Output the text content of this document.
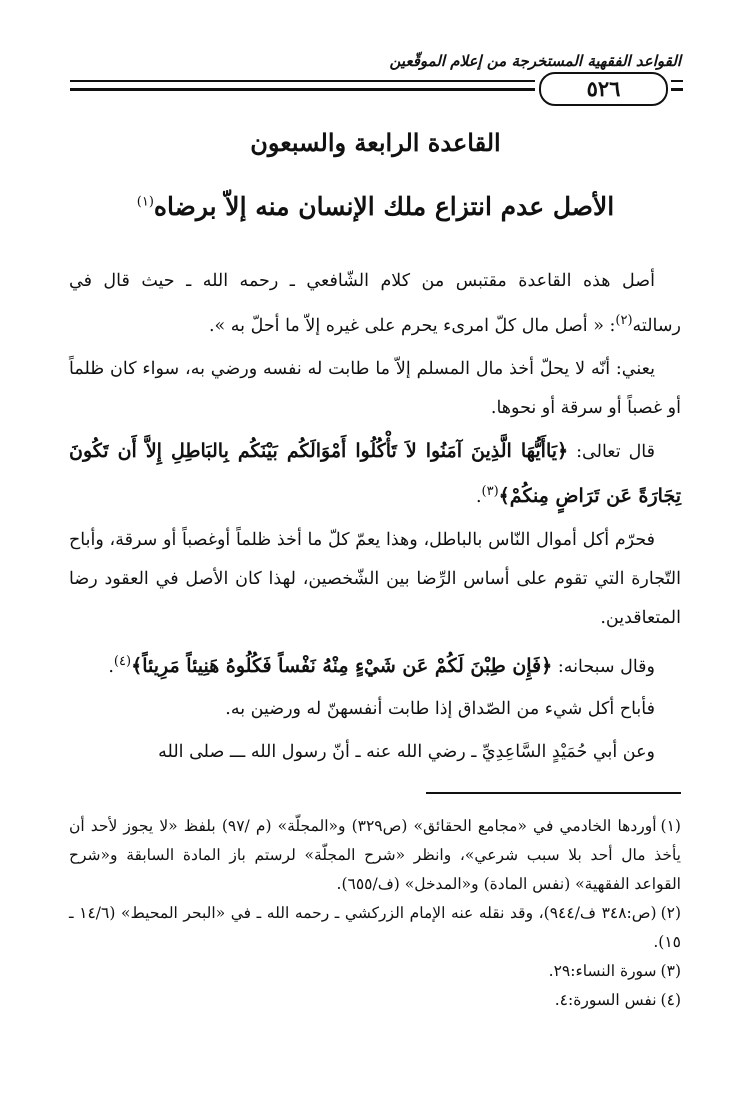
القواعد الفقهية المستخرجة من إعلام الموقّعين
٥٢٦
القاعدة الرابعة والسبعون
الأصل عدم انتزاع ملك الإنسان منه إلاّ برضاه$^{(١)}$

أصل هذه القاعدة مقتبس من كلام الشّافعي ـ رحمه الله ـ حيث قال في رسالته$^{(٢)}$: « أصل مال كلّ امرىء يحرم على غيره إلاّ ما أحلّ به ».

يعني: أنّه لا يحلّ أخذ مال المسلم إلاّ ما طابت له نفسه ورضي به، سواء كان ظلماً أو غصباً أو سرقة أو نحوها.

قال تعالى: ﴿يَاأَيُّهَا الَّذِينَ آمَنُوا لاَ تَأْكُلُوا أَمْوَالَكُم بَيْنَكُم بِالبَاطِلِ إِلاَّ أَن تَكُونَ تِجَارَةً عَن تَرَاضٍ مِنكُمْ﴾$^{(٣)}$.

فحرّم أكل أموال النّاس بالباطل، وهذا يعمّ كلّ ما أخذ ظلماً أوغصباً أو سرقة، وأباح التّجارة التي تقوم على أساس الرِّضا بين الشّخصين، لهذا كان الأصل في العقود رضا المتعاقدين.

وقال سبحانه: ﴿فَإِن طِبْنَ لَكُمْ عَن شَيْءٍ مِنْهُ نَفْساً فَكُلُوهُ هَنِيئاً مَرِيئاً﴾$^{(٤)}$.

فأباح أكل شيء من الصّداق إذا طابت أنفسهنّ له ورضين به.

وعن أبي حُمَيْدٍ السَّاعِدِيِّ ـ رضي الله عنه ـ أنّ رسول الله ـــ صلى الله

(١)أوردها الخادمي في «مجامع الحقائق» (ص٣٢٩) و«المجلّة» (م /٩٧) بلفظ «لا يجوز لأحد أن يأخذ مال أحد بلا سبب شرعي»، وانظر «شرح المجلّة» لرستم باز المادة السابقة و«شرح القواعد الفقهية» (نفس المادة) و«المدخل» (ف/٦٥٥).

(٢)(ص:٣٤٨ ف/٩٤٤)، وقد نقله عنه الإمام الزركشي ـ رحمه الله ـ في «البحر المحيط» (١٤/٦ ـ ١٥).

(٣)سورة النساء:٢٩.

(٤)نفس السورة:٤.
